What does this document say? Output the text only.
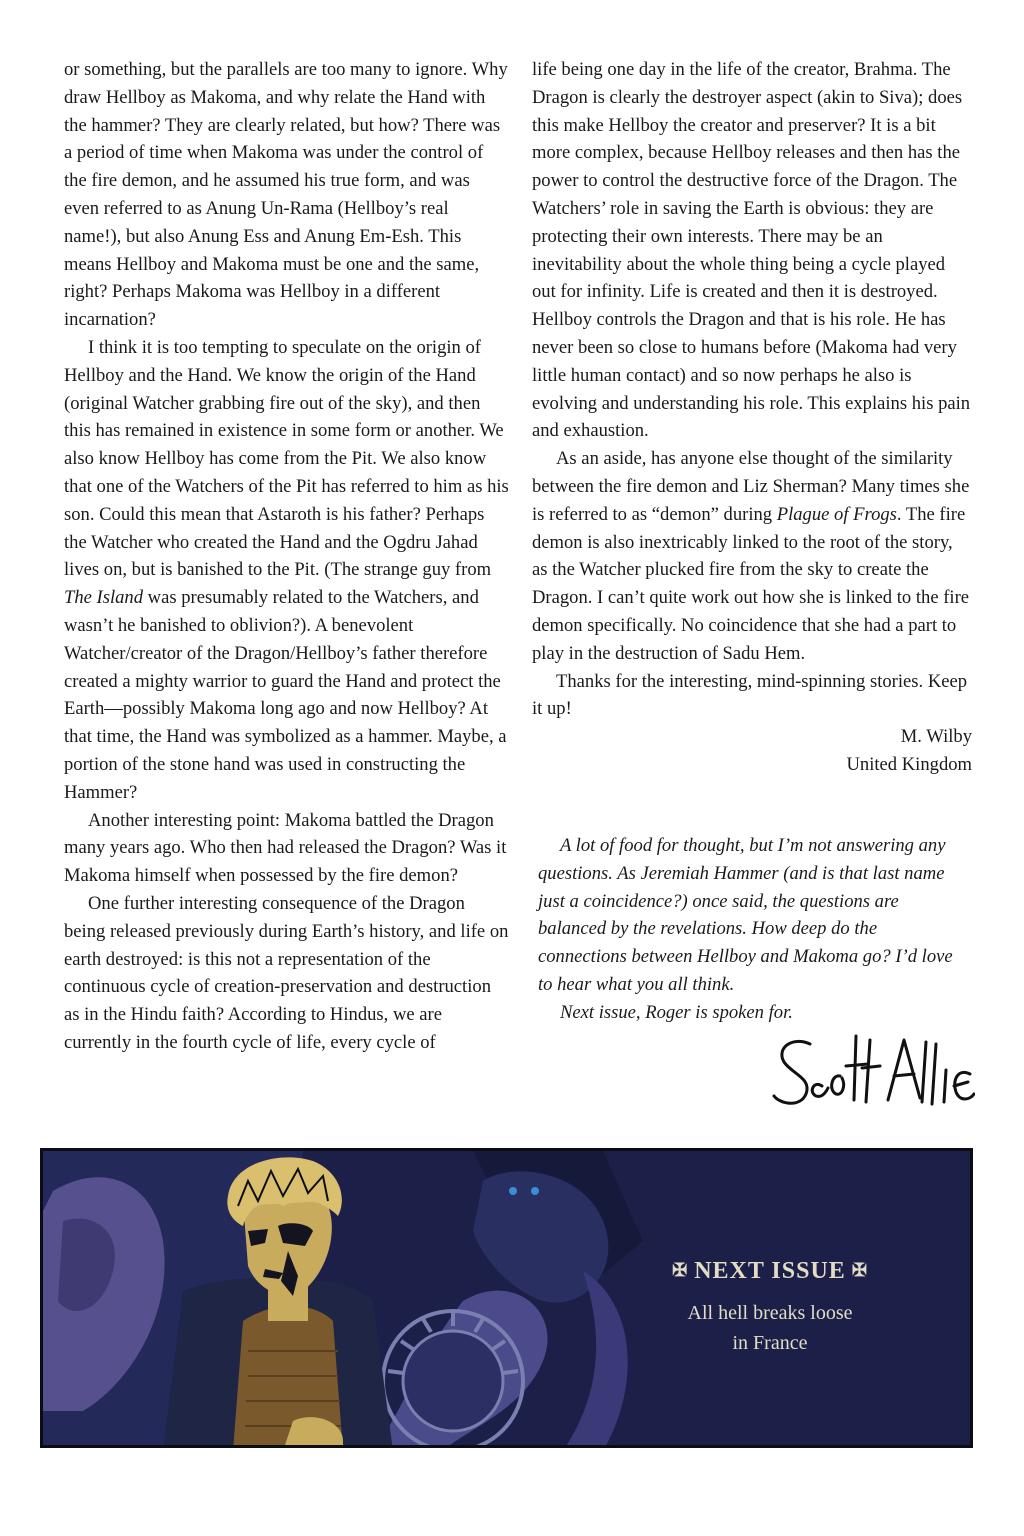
or something, but the parallels are too many to ignore. Why draw Hellboy as Makoma, and why relate the Hand with the hammer? They are clearly related, but how? There was a period of time when Makoma was under the control of the fire demon, and he assumed his true form, and was even referred to as Anung Un-Rama (Hellboy’s real name!), but also Anung Ess and Anung Em-Esh. This means Hellboy and Makoma must be one and the same, right? Perhaps Makoma was Hellboy in a different incarnation?

I think it is too tempting to speculate on the origin of Hellboy and the Hand. We know the origin of the Hand (original Watcher grabbing fire out of the sky), and then this has remained in existence in some form or another. We also know Hellboy has come from the Pit. We also know that one of the Watchers of the Pit has referred to him as his son. Could this mean that Astaroth is his father? Perhaps the Watcher who created the Hand and the Ogdru Jahad lives on, but is banished to the Pit. (The strange guy from The Island was presumably related to the Watchers, and wasn’t he banished to oblivion?). A benevolent Watcher/creator of the Dragon/Hellboy’s father therefore created a mighty warrior to guard the Hand and protect the Earth—possibly Makoma long ago and now Hellboy? At that time, the Hand was symbolized as a hammer. Maybe, a portion of the stone hand was used in constructing the Hammer?

Another interesting point: Makoma battled the Dragon many years ago. Who then had released the Dragon? Was it Makoma himself when possessed by the fire demon?

One further interesting consequence of the Dragon being released previously during Earth’s history, and life on earth destroyed: is this not a representation of the continuous cycle of creation-preservation and destruction as in the Hindu faith? According to Hindus, we are currently in the fourth cycle of life, every cycle of

life being one day in the life of the creator, Brahma. The Dragon is clearly the destroyer aspect (akin to Siva); does this make Hellboy the creator and preserver? It is a bit more complex, because Hellboy releases and then has the power to control the destructive force of the Dragon. The Watchers’ role in saving the Earth is obvious: they are protecting their own interests. There may be an inevitability about the whole thing being a cycle played out for infinity. Life is created and then it is destroyed. Hellboy controls the Dragon and that is his role. He has never been so close to humans before (Makoma had very little human contact) and so now perhaps he also is evolving and understanding his role. This explains his pain and exhaustion.

As an aside, has anyone else thought of the similarity between the fire demon and Liz Sherman? Many times she is referred to as “demon” during Plague of Frogs. The fire demon is also inextricably linked to the root of the story, as the Watcher plucked fire from the sky to create the Dragon. I can’t quite work out how she is linked to the fire demon specifically. No coincidence that she had a part to play in the destruction of Sadu Hem.

Thanks for the interesting, mind-spinning stories. Keep it up!

M. Wilby

United Kingdom

A lot of food for thought, but I’m not answering any questions. As Jeremiah Hammer (and is that last name just a coincidence?) once said, the questions are balanced by the revelations. How deep do the connections between Hellboy and Makoma go? I’d love to hear what you all think.

Next issue, Roger is spoken for.

✠ NEXT ISSUE ✠
All hell breaks loose
in France
